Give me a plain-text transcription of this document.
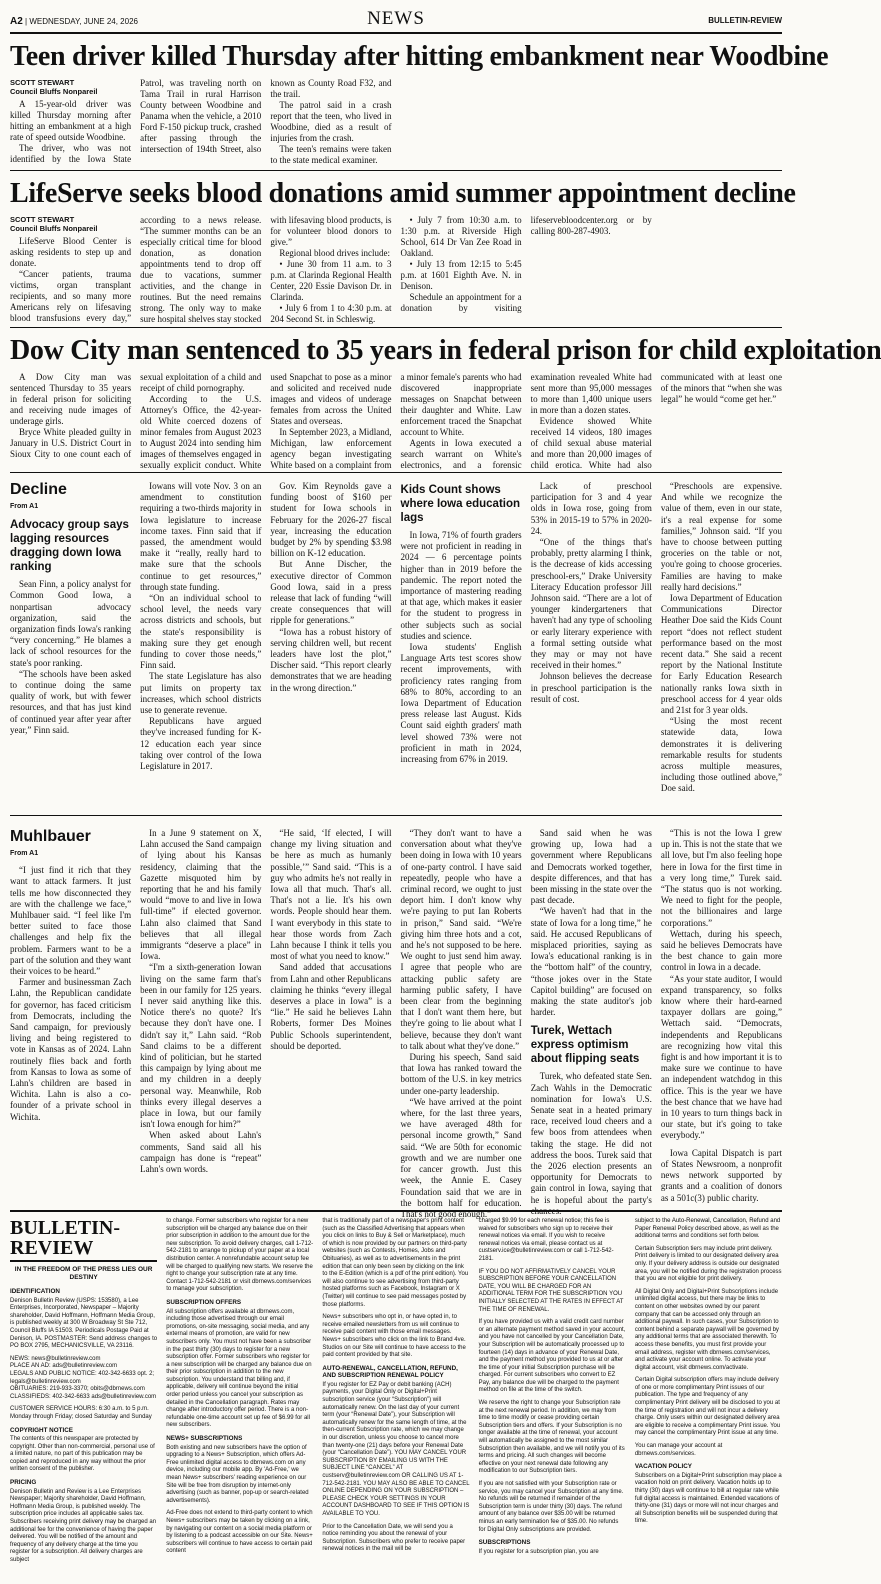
A2 | WEDNESDAY, JUNE 24, 2026	NEWS	BULLETIN-REVIEW
Teen driver killed Thursday after hitting embankment near Woodbine
SCOTT STEWART
Council Bluffs Nonpareil

A 15-year-old driver was killed Thursday morning after hitting an embankment at a high rate of speed outside Woodbine.

The driver, who was not identified by the Iowa State Patrol, was traveling north on Tama Trail in rural Harrison County between Woodbine and Panama when the vehicle, a 2010 Ford F-150 pickup truck, crashed after passing through the intersection of 194th Street, also known as County Road F32, and the trail.

The patrol said in a crash report that the teen, who lived in Woodbine, died as a result of injuries from the crash.

The teen's remains were taken to the state medical examiner.

LifeServe seeks blood donations amid summer appointment decline
SCOTT STEWART
Council Bluffs Nonpareil

LifeServe Blood Center is asking residents to step up and donate.

“Cancer patients, trauma victims, organ transplant recipients, and so many more Americans rely on lifesaving blood transfusions every day,” according to a news release. “The summer months can be an especially critical time for blood donation, as donation appointments tend to drop off due to vacations, summer activities, and the change in routines. But the need remains strong. The only way to make sure hospital shelves stay stocked with lifesaving blood products, is for volunteer blood donors to give.”

Regional blood drives include:

• June 30 from 11 a.m. to 3 p.m. at Clarinda Regional Health Center, 220 Essie Davison Dr. in Clarinda.

• July 6 from 1 to 4:30 p.m. at 204 Second St. in Schleswig.

• July 7 from 10:30 a.m. to 1:30 p.m. at Riverside High School, 614 Dr Van Zee Road in Oakland.

• July 13 from 12:15 to 5:45 p.m. at 1601 Eighth Ave. N. in Denison.

Schedule an appointment for a donation by visiting lifeservebloodcenter.org or by calling 800-287-4903.

Dow City man sentenced to 35 years in federal prison for child exploitation

A Dow City man was sentenced Thursday to 35 years in federal prison for soliciting and receiving nude images of underage girls.

Bryce White pleaded guilty in January in U.S. District Court in Sioux City to one count each of sexual exploitation of a child and receipt of child pornography.

According to the U.S. Attorney's Office, the 42-year-old White coerced dozens of minor females from August 2023 to August 2024 into sending him images of themselves engaged in sexually explicit conduct. White used Snapchat to pose as a minor and solicited and received nude images and videos of underage females from across the United States and overseas.

In September 2023, a Midland, Michigan, law enforcement agency began investigating White based on a complaint from a minor female's parents who had discovered inappropriate messages on Snapchat between their daughter and White. Law enforcement traced the Snapchat account to White.

Agents in Iowa executed a search warrant on White's electronics, and a forensic examination revealed White had sent more than 95,000 messages to more than 1,400 unique users in more than a dozen states.

Evidence showed White received 14 videos, 180 images of child sexual abuse material and more than 20,000 images of child erotica. White had also communicated with at least one of the minors that “when she was legal” he would “come get her.”

Decline
From A1
Advocacy group says lagging resources dragging down Iowa ranking

Sean Finn, a policy analyst for Common Good Iowa, a nonpartisan advocacy organization, said the organization finds Iowa's ranking “very concerning.” He blames a lack of school resources for the state's poor ranking.

“The schools have been asked to continue doing the same quality of work, but with fewer resources, and that has just kind of continued year after year after year,” Finn said.

Iowans will vote Nov. 3 on an amendment to constitution requiring a two-thirds majority in Iowa legislature to increase income taxes. Finn said that if passed, the amendment would make it “really, really hard to make sure that the schools continue to get resources,” through state funding.

“On an individual school to school level, the needs vary across districts and schools, but the state's responsibility is making sure they get enough funding to cover those needs,” Finn said.

The state Legislature has also put limits on property tax increases, which school districts use to generate revenue.

Republicans have argued they've increased funding for K-12 education each year since taking over control of the Iowa Legislature in 2017.

Gov. Kim Reynolds gave a funding boost of $160 per student for Iowa schools in February for the 2026-27 fiscal year, increasing the education budget by 2% by spending $3.98 billion on K-12 education.

But Anne Discher, the executive director of Common Good Iowa, said in a press release that lack of funding “will create consequences that will ripple for generations.”

“Iowa has a robust history of serving children well, but recent leaders have lost the plot,” Discher said. “This report clearly demonstrates that we are heading in the wrong direction.”

Kids Count shows where Iowa education lags

In Iowa, 71% of fourth graders were not proficient in reading in 2024 — 6 percentage points higher than in 2019 before the pandemic. The report noted the importance of mastering reading at that age, which makes it easier for the student to progress in other subjects such as social studies and science.

Iowa students' English Language Arts test scores show recent improvements, with proficiency rates ranging from 68% to 80%, according to an Iowa Department of Education press release last August. Kids Count said eighth graders' math level showed 73% were not proficient in math in 2024, increasing from 67% in 2019.

Lack of preschool participation for 3 and 4 year olds in Iowa rose, going from 53% in 2015-19 to 57% in 2020-24.

“One of the things that's probably, pretty alarming I think, is the decrease of kids accessing preschool-ers,” Drake University Literacy Education professor Jill Johnson said. “There are a lot of younger kindergarteners that haven't had any type of schooling or early literary experience with a formal setting outside what they may or may not have received in their homes.”

Johnson believes the decrease in preschool participation is the result of cost.

“Preschools are expensive. And while we recognize the value of them, even in our state, it's a real expense for some families,” Johnson said. “If you have to choose between putting groceries on the table or not, you're going to choose groceries. Families are having to make really hard decisions.”

Iowa Department of Education Communications Director Heather Doe said the Kids Count report “does not reflect student performance based on the most recent data.” She said a recent report by the National Institute for Early Education Research nationally ranks Iowa sixth in preschool access for 4 year olds and 21st for 3 year olds.

“Using the most recent statewide data, Iowa demonstrates it is delivering remarkable results for students across multiple measures, including those outlined above,” Doe said.

Muhlbauer
From A1

“I just find it rich that they want to attack farmers. It just tells me how disconnected they are with the challenge we face,” Muhlbauer said. “I feel like I'm better suited to face those challenges and help fix the problem. Farmers want to be a part of the solution and they want their voices to be heard.”

Farmer and businessman Zach Lahn, the Republican candidate for governor, has faced criticism from Democrats, including the Sand campaign, for previously living and being registered to vote in Kansas as of 2024. Lahn routinely flies back and forth from Kansas to Iowa as some of Lahn's children are based in Wichita. Lahn is also a co-founder of a private school in Wichita.

In a June 9 statement on X, Lahn accused the Sand campaign of lying about his Kansas residency, claiming that the Gazette misquoted him by reporting that he and his family would “move to and live in Iowa full-time” if elected governor. Lahn also claimed that Sand believes that all illegal immigrants “deserve a place” in Iowa.

“I'm a sixth-generation Iowan living on the same farm that's been in our family for 125 years. I never said anything like this. Notice there's no quote? It's because they don't have one. I didn't say it,” Lahn said. “Rob Sand claims to be a different kind of politician, but he started this campaign by lying about me and my children in a deeply personal way. Meanwhile, Rob thinks every illegal deserves a place in Iowa, but our family isn't Iowa enough for him?”

When asked about Lahn's comments, Sand said all his campaign has done is “repeat” Lahn's own words.

“He said, ‘If elected, I will change my living situation and be here as much as humanly possible,’” Sand said. “This is a guy who admits he's not really in Iowa all that much. That's all. That's not a lie. It's his own words. People should hear them. I want everybody in this state to hear those words from Zach Lahn because I think it tells you most of what you need to know.”

Sand added that accusations from Lahn and other Republicans claiming he thinks “every illegal deserves a place in Iowa” is a “lie.” He said he believes Lahn Roberts, former Des Moines Public Schools superintendent, should be deported.

“They don't want to have a conversation about what they've been doing in Iowa with 10 years of one-party control. I have said repeatedly, people who have a criminal record, we ought to just deport him. I don't know why we're paying to put Ian Roberts in prison,” Sand said. “We're giving him three hots and a cot, and he's not supposed to be here. We ought to just send him away. I agree that people who are attacking public safety are harming public safety, I have been clear from the beginning that I don't want them here, but they're going to lie about what I believe, because they don't want to talk about what they've done.”

During his speech, Sand said that Iowa has ranked toward the bottom of the U.S. in key metrics under one-party leadership.

“We have arrived at the point where, for the last three years, we have averaged 48th for personal income growth,” Sand said. “We are 50th for economic growth and we are number one for cancer growth. Just this week, the Annie E. Casey Foundation said that we are in the bottom half for education. That's not good enough.”

Sand said when he was growing up, Iowa had a government where Republicans and Democrats worked together, despite differences, and that has been missing in the state over the past decade.

“We haven't had that in the state of Iowa for a long time,” he said. He accused Republicans of misplaced priorities, saying as Iowa's educational ranking is in the “bottom half” of the country, “those jokes over in the State Capitol building” are focused on making the state auditor's job harder.

Turek, Wettach express optimism about flipping seats

Turek, who defeated state Sen. Zach Wahls in the Democratic nomination for Iowa's U.S. Senate seat in a heated primary race, received loud cheers and a few boos from attendees when taking the stage. He did not address the boos. Turek said that the 2026 election presents an opportunity for Democrats to gain control in Iowa, saying that he is hopeful about the party's chances.

“This is not the Iowa I grew up in. This is not the state that we all love, but I'm also feeling hope here in Iowa for the first time in a very long time,” Turek said. “The status quo is not working. We need to fight for the people, not the billionaires and large corporations.”

Wettach, during his speech, said he believes Democrats have the best chance to gain more control in Iowa in a decade.

“As your state auditor, I would expand transparency, so folks know where their hard-earned taxpayer dollars are going,” Wettach said. “Democrats, independents and Republicans are recognizing how vital this fight is and how important it is to make sure we continue to have an independent watchdog in this office. This is the year we have the best chance that we have had in 10 years to turn things back in our state, but it's going to take everybody.”

Iowa Capital Dispatch is part of States Newsroom, a nonprofit news network supported by grants and a coalition of donors as a 501c(3) public charity.

BULLETIN-REVIEW
IN THE FREEDOM OF THE PRESS LIES OUR DESTINY
IDENTIFICATION

Denison Bulletin Review (USPS: 153580), a Lee Enterprises, Incorporated, Newspaper – Majority shareholder, David Hoffmann, Hoffmann Media Group, is published weekly at 300 W Broadway St Ste 712, Council Bluffs IA 51503. Periodicals Postage Paid at Denison, IA. POSTMASTER: Send address changes to PO BOX 2795, MECHANICSVILLE, VA 23116.

NEWS: news@bulletinreview.com
PLACE AN AD: ads@bulletinreview.com
LEGALS AND PUBLIC NOTICE: 402-342-6633 opt. 2; legals@bulletinreview.com
OBITUARIES: 219-933-3370; obits@dbrnews.com

CLASSIFIEDS: 402-342-6633 ads@bulletinreview.com

CUSTOMER SERVICE HOURS: 6:30 a.m. to 5 p.m. Monday through Friday; closed Saturday and Sunday

COPYRIGHT NOTICE

The contents of this newspaper are protected by copyright. Other than non-commercial, personal use of a limited nature, no part of this publication may be copied and reproduced in any way without the prior written consent of the publisher.

PRICING

Denison Bulletin and Review is a Lee Enterprises Newspaper; Majority shareholder, David Hoffmann, Hoffmann Media Group, is published weekly. The subscription price includes all applicable sales tax. Subscribers receiving print delivery may be charged an additional fee for the convenience of having the paper delivered. You will be notified of the amount and frequency of any delivery charge at the time you register for a subscription. All delivery charges are subject

to change. Former subscribers who register for a new subscription will be charged any balance due on their prior subscription in addition to the amount due for the new subscription. To avoid delivery charges, call 1-712-542-2181 to arrange to pickup of your paper at a local distribution center. A nonrefundable account setup fee will be charged to qualifying new starts. We reserve the right to change your subscription rate at any time. Contact 1-712-542-2181 or visit dbrnews.com/services to manage your subscription.

SUBSCRIPTION OFFERS

All subscription offers available at dbrnews.com, including those advertised through our email promotions, on-site messaging, social media, and any external means of promotion, are valid for new subscribers only. You must not have been a subscriber in the past thirty (30) days to register for a new subscription offer. Former subscribers who register for a new subscription will be charged any balance due on their prior subscription in addition to the new subscription. You understand that billing and, if applicable, delivery will continue beyond the initial order period unless you cancel your subscription as detailed in the Cancellation paragraph. Rates may change after introductory offer period. There is a non-refundable one-time account set up fee of $6.99 for all new subscribers.

NEWS+ SUBSCRIPTIONS

Both existing and new subscribers have the option of upgrading to a News+ Subscription, which offers Ad-Free unlimited digital access to dbrnews.com on any device, including our mobile app. By 'Ad-Free,' we mean News+ subscribers' reading experience on our Site will be free from disruption by internet-only advertising (such as banner, pop-up or search-related advertisements).

Ad-Free does not extend to third-party content to which News+ subscribers may be taken by clicking on a link, by navigating our content on a social media platform or by listening to a podcast accessible on our Site. News+ subscribers will continue to have access to certain paid content

that is traditionally part of a newspaper's print content (such as the Classified Advertising that appears when you click on links to Buy & Sell or Marketplace), much of which is now provided by our partners on third-party websites (such as Contests, Homes, Jobs and Obituaries), as well as to advertisements in the print edition that can only been seen by clicking on the link to the E-Edition (which is a pdf of the print edition). You will also continue to see advertising from third-party hosted platforms such as Facebook, Instagram or X (Twitter) will continue to see paid messages posted by those platforms.

News+ subscribers who opt in, or have opted in, to receive emailed newsletters from us will continue to receive paid content with those email messages. News+ subscribers who click on the link to Brand 4ve. Studios on our Site will continue to have access to the paid content provided by that site.

AUTO-RENEWAL, CANCELLATION, REFUND, AND SUBSCRIPTION RENEWAL POLICY

If you register for EZ Pay or debit banking (ACH) payments, your Digital Only or Digital+Print subscription service (your “Subscription”) will automatically renew. On the last day of your current term (your “Renewal Date”), your Subscription will automatically renew for the same length of time, at the then-current Subscription rate, which we may change in our discretion, unless you choose to cancel more than twenty-one (21) days before your Renewal Date (your “Cancellation Date”). YOU MAY CANCEL YOUR SUBSCRIPTION BY EMAILING US WITH THE SUBJECT LINE “CANCEL” AT custserv@bulletinreview.com OR CALLING US AT 1-712-542-2181. YOU MAY ALSO BE ABLE TO CANCEL ONLINE DEPENDING ON YOUR SUBSCRIPTION – PLEASE CHECK YOUR SETTINGS IN YOUR ACCOUNT DASHBOARD TO SEE IF THIS OPTION IS AVAILABLE TO YOU.

Prior to the Cancellation Date, we will send you a notice reminding you about the renewal of your Subscription. Subscribers who prefer to receive paper renewal notices in the mail will be

charged $9.99 for each renewal notice; this fee is waived for subscribers who sign up to receive their renewal notices via email. If you wish to receive renewal notices via email, please contact us at custserv.ice@bulletinreview.com or call 1-712-542-2181.

IF YOU DO NOT AFFIRMATIVELY CANCEL YOUR SUBSCRIPTION BEFORE YOUR CANCELLATION DATE, YOU WILL BE CHARGED FOR AN ADDITIONAL TERM FOR THE SUBSCRIPTION YOU INITIALLY SELECTED AT THE RATES IN EFFECT AT THE TIME OF RENEWAL.

If you have provided us with a valid credit card number or an alternate payment method saved in your account, and you have not cancelled by your Cancellation Date, your Subscription will be automatically processed up to fourteen (14) days in advance of your Renewal Date, and the payment method you provided to us at or after the time of your initial Subscription purchase will be charged. For current subscribers who convert to EZ Pay, any balance due will be charged to the payment method on file at the time of the switch.

We reserve the right to change your Subscription rate at the next renewal period. In addition, we may from time to time modify or cease providing certain Subscription tiers and offers. If your Subscription is no longer available at the time of renewal, your account will automatically be assigned to the most similar Subscription then available, and we will notify you of its terms and pricing. All such changes will become effective on your next renewal date following any modification to our Subscription tiers.

If you are not satisfied with your Subscription rate or service, you may cancel your Subscription at any time. No refunds will be returned if remainder of the Subscription term is under thirty (30) days. The refund amount of any balance over $35.00 will be returned minus an early termination fee of $35.00. No refunds for Digital Only subscriptions are provided.

SUBSCRIPTIONS

If you register for a subscription plan, you are

subject to the Auto-Renewal, Cancellation, Refund and Paper Renewal Policy described above, as well as the additional terms and conditions set forth below.

Certain Subscription tiers may include print delivery. Print delivery is limited to our designated delivery area only. If your delivery address is outside our designated area, you will be notified during the registration process that you are not eligible for print delivery.

All Digital Only and Digital+Print Subscriptions include unlimited digital access, but there may be links to content on other websites owned by our parent company that can be accessed only through an additional paywall. In such cases, your Subscription to content behind a separate paywall will be governed by any additional terms that are associated therewith. To access these benefits, you must first provide your email address, register with dbrnews.com/services, and activate your account online. To activate your digital account, visit dbrnews.com/activate.

Certain Digital subscription offers may include delivery of one or more complimentary Print issues of our publication. The type and frequency of any complimentary Print delivery will be disclosed to you at the time of registration and will not incur a delivery charge. Only users within our designated delivery area are eligible to receive a complimentary Print issue. You may cancel the complimentary Print issue at any time.

You can manage your account at dbrnews.com/services.

VACATION POLICY

Subscribers on a Digital+Print subscription may place a vacation hold on print delivery. Vacation holds up to thirty (30) days will continue to bill at regular rate while full digital access is maintained. Extended vacations of thirty-one (31) days or more will not incur charges and all Subscription benefits will be suspended during that time.
